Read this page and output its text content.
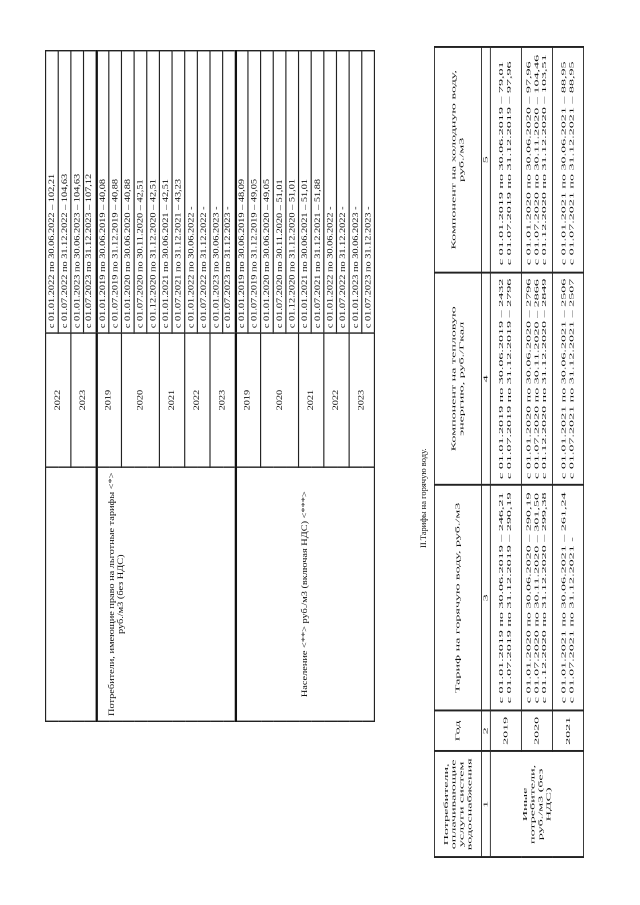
	2022	с 01.01.2022 по 30.06.2022 – 102,21
		с 01.07.2022 по 31.12.2022 – 104,63
	2023	с 01.01.2023 по 30.06.2023 – 104,63
		с 01.07.2023 по 31.12.2023 – 107,12
Потребители, имеющие право на льготные тарифы <*> руб./м3 (без НДС)	2019	с 01.01.2019 по 30.06.2019 – 40,08
		с 01.07.2019 по 31.12.2019 – 40,88
	2020	с 01.01.2020 по 30.06.2020 – 40,88
		с 01.07.2020 по 30.11.2020 – 42,51
		с 01.12.2020 по 31.12.2020 – 42,51
	2021	с 01.01.2021 по 30.06.2021 – 42,51
		с 01.07.2021 по 31.12.2021 – 43,23
	2022	с 01.01.2022 по 30.06.2022 -
		с 01.07.2022 по 31.12.2022 -
	2023	с 01.01.2023 по 30.06.2023 -
		с 01.07.2023 по 31.12.2023 -
Население <**> руб./м3 (включая НДС) <***>	2019	с 01.01.2019 по 30.06.2019 – 48,09
		с 01.07.2019 по 31.12.2019 – 49,05
	2020	с 01.01.2020 по 30.06.2020 – 49,05
		с 01.07.2020 по 30.11.2020 – 51,01
		с 01.12.2020 по 31.12.2020 – 51,01
	2021	с 01.01.2021 по 30.06.2021 – 51,01
		с 01.07.2021 по 31.12.2021 – 51,88
	2022	с 01.01.2022 по 30.06.2022 -
		с 01.07.2022 по 31.12.2022 -
	2023	с 01.01.2023 по 30.06.2023 -
		с 01.07.2023 по 31.12.2023 -
II.Тарифы на горячую воду.
Потребители, оплачивающие услуги систем водоснабжения	Год	Тариф на горячую воду, руб./м3	Компонент на тепловую энергию, руб./Гкал	Компонент на холодную воду, руб./м3
1	2	3	4	5
Иные потребители, руб./м3 (без НДС)	2019	с 01.01.2019 по 30.06.2019 – 246,21 с 01.07.2019 по 31.12.2019 – 290,19	с 01.01.2019 по 30.06.2019 – 2432 с 01.07.2019 по 31.12.2019 – 2796	с 01.01.2019 по 30.06.2019 – 79,01 с 01.07.2019 по 31.12.2019 – 97,96

	2020	с 01.01.2020 по 30.06.2020 – 290,19 с 01.07.2020 по 30.11.2020 – 301,50 с 01.12.2020 по 31.12.2020 – 299,38	с 01.01.2020 по 30.06.2020 – 2796 с 01.07.2020 по 30.11.2020 – 2866 с 01.12.2020 по 31.12.2020 – 2849	с 01.01.2020 по 30.06.2020 – 97,96 с 01.07.2020 по 30.11.2020 – 104,46 с 01.12.2020 по 31.12.2020 – 103,51

	2021	с 01.01.2021 по 30.06.2021 – 261,24 с 01.07.2021 по 31.12.2021 -	с 01.01.2021 по 30.06.2021 – 2506 с 01.07.2021 по 31.12.2021 – 2507	с 01.01.2021 по 30.06.2021 – 88,95 с 01.07.2021 по 31.12.2021 – 88,95
